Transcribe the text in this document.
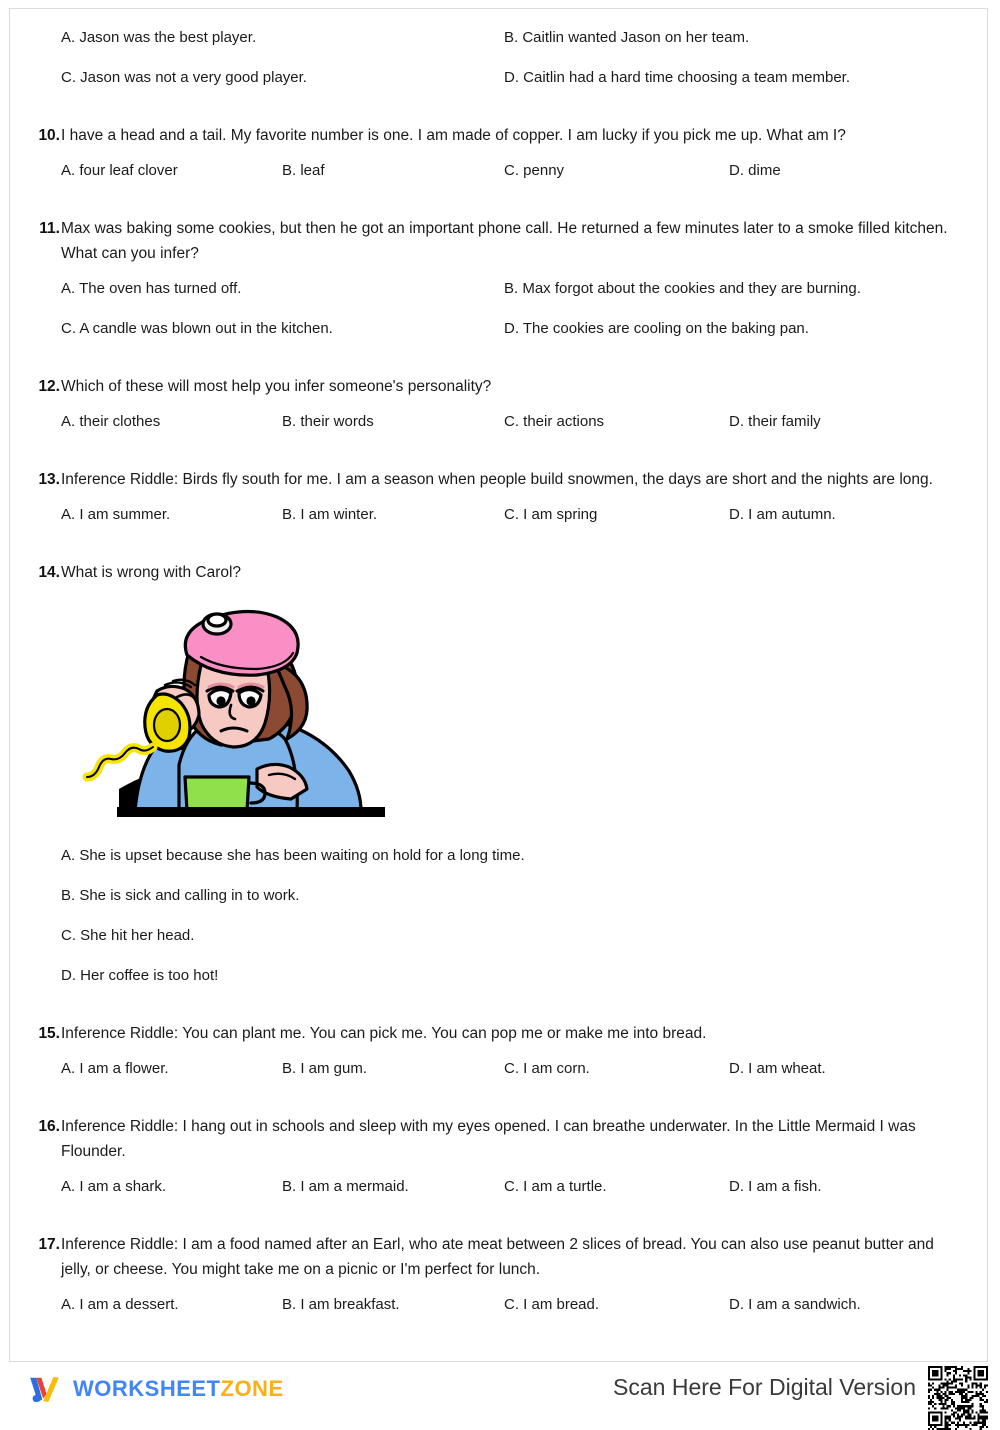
A. Jason was the best player.	B. Caitlin wanted Jason on her team.
C. Jason was not a very good player.	D. Caitlin had a hard time choosing a team member.
10. I have a head and a tail. My favorite number is one. I am made of copper. I am lucky if you pick me up. What am I?
A. four leaf clover	B. leaf	C. penny	D. dime
11. Max was baking some cookies, but then he got an important phone call. He returned a few minutes later to a smoke filled kitchen. What can you infer?
A. The oven has turned off.	B. Max forgot about the cookies and they are burning.
C. A candle was blown out in the kitchen.	D. The cookies are cooling on the baking pan.
12. Which of these will most help you infer someone's personality?
A. their clothes	B. their words	C. their actions	D. their family
13. Inference Riddle: Birds fly south for me. I am a season when people build snowmen, the days are short and the nights are long.
A. I am summer.	B. I am winter.	C. I am spring	D. I am autumn.
14. What is wrong with Carol?
A. She is upset because she has been waiting on hold for a long time.
B. She is sick and calling in to work.
C. She hit her head.
D. Her coffee is too hot!
15. Inference Riddle: You can plant me. You can pick me. You can pop me or make me into bread.
A. I am a flower.	B. I am gum.	C. I am corn.	D. I am wheat.
16. Inference Riddle: I hang out in schools and sleep with my eyes opened. I can breathe underwater. In the Little Mermaid I was Flounder.
A. I am a shark.	B. I am a mermaid.	C. I am a turtle.	D. I am a fish.
17. Inference Riddle: I am a food named after an Earl, who ate meat between 2 slices of bread. You can also use peanut butter and jelly, or cheese. You might take me on a picnic or I'm perfect for lunch.
A. I am a dessert.	B. I am breakfast.	C. I am bread.	D. I am a sandwich.
WORKSHEETZONE	Scan Here For Digital Version
